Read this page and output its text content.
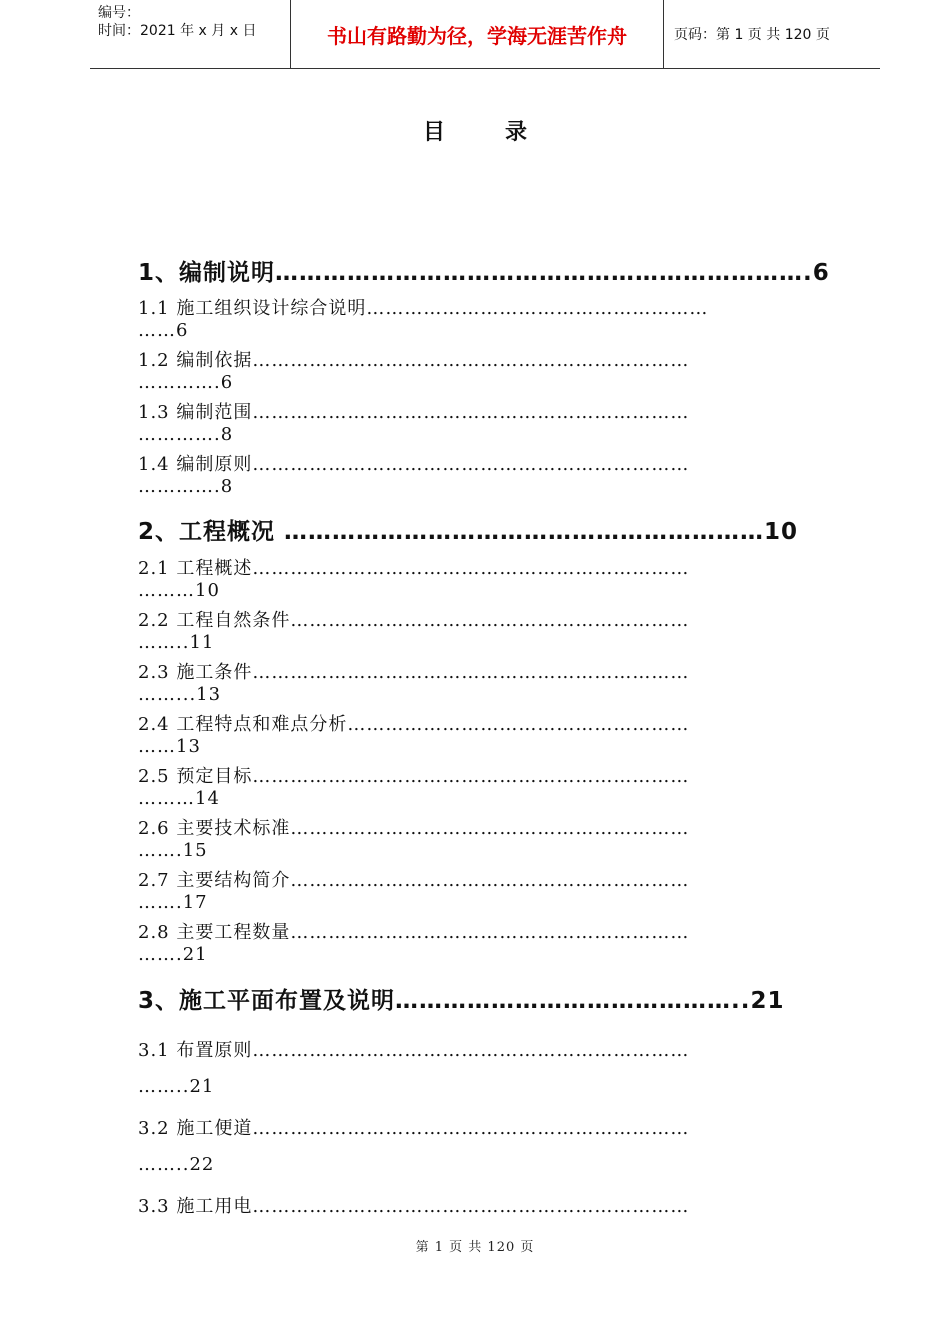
编号：
时间：2021 年 x 月 x 日	书山有路勤为径，学海无涯苦作舟	页码：第 1 页 共 120 页
目录
1、编制说明………………………………………………………….6
1.1 施工组织设计综合说明………………………………………………
……6
1.2 编制依据……………………………………………………………
………….6
1.3 编制范围……………………………………………………………
………….8
1.4 编制原则……………………………………………………………
………….8
2、工程概况 ……………………………………………………10
2.1 工程概述……………………………………………………………
………10
2.2 工程自然条件………………………………………………………
……..11
2.3 施工条件……………………………………………………………
……...13
2.4 工程特点和难点分析………………………………………………
……13
2.5 预定目标……………………………………………………………
………14
2.6 主要技术标准………………………………………………………
…….15
2.7 主要结构简介………………………………………………………
…….17
2.8 主要工程数量………………………………………………………
…….21
3、施工平面布置及说明……………………………………..21
3.1 布置原则……………………………………………………………
……..21
3.2 施工便道……………………………………………………………
……..22
3.3 施工用电……………………………………………………………
第 1 页 共 120 页
